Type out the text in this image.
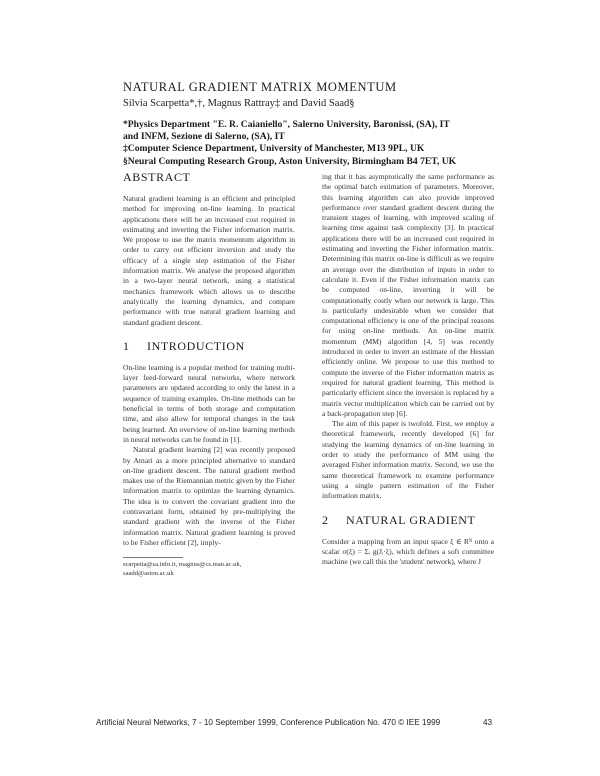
NATURAL GRADIENT MATRIX MOMENTUM
Silvia Scarpetta*,†, Magnus Rattray‡ and David Saad§
*Physics Department "E. R. Caianiello", Salerno University, Baronissi, (SA), IT
and INFM, Sezione di Salerno, (SA), IT
‡Computer Science Department, University of Manchester, M13 9PL, UK
§Neural Computing Research Group, Aston University, Birmingham B4 7ET, UK
ABSTRACT

Natural gradient learning is an efficient and principled method for improving on-line learning. In practical applications there will be an increased cost required in estimating and inverting the Fisher information matrix. We propose to use the matrix momentum algorithm in order to carry out efficient inversion and study the efficacy of a single step estimation of the Fisher information matrix. We analyse the proposed algorithm in a two-layer neural network, using a statistical mechanics framework which allows us to describe analytically the learning dynamics, and compare performance with true natural gradient learning and standard gradient descent.

1 INTRODUCTION

On-line learning is a popular method for training multi-layer feed-forward neural networks, where network parameters are updated according to only the latest in a sequence of training examples. On-line methods can be beneficial in terms of both storage and computation time, and also allow for temporal changes in the task being learned. An overview of on-line learning methods in neural networks can be found in [1].

Natural gradient learning [2] was recently proposed by Amari as a more principled alternative to standard on-line gradient descent. The natural gradient method makes use of the Riemannian metric given by the Fisher information matrix to optimize the learning dynamics. The idea is to convert the covariant gradient into the contravariant form, obtained by pre-multiplying the standard gradient with the inverse of the Fisher information matrix. Natural gradient learning is proved to be Fisher efficient [2], imply-

scarpetta@sa.infn.it, magnus@cs.man.ac.uk,
saadd@aston.ac.uk

ing that it has asymptotically the same performance as the optimal batch estimation of parameters. Moreover, this learning algorithm can also provide improved performance over standard gradient descent during the transient stages of learning, with improved scaling of learning time against task complexity [3]. In practical applications there will be an increased cost required in estimating and inverting the Fisher information matrix. Determining this matrix on-line is difficult as we require an average over the distribution of inputs in order to calculate it. Even if the Fisher information matrix can be computed on-line, inverting it will be computationally costly when our network is large. This is particularly undesirable when we consider that computational efficiency is one of the principal reasons for using on-line methods. An on-line matrix momentum (MM) algorithm [4, 5] was recently introduced in order to invert an estimate of the Hessian efficiently online. We propose to use this method to compute the inverse of the Fisher information matrix as required for natural gradient learning. This method is particularly efficient since the inversion is replaced by a matrix vector multiplication which can be carried out by a back-propagation step [6].

The aim of this paper is twofold. First, we employ a theoretical framework, recently developed [6] for studying the learning dynamics of on-line learning in order to study the performance of MM using the averaged Fisher information matrix. Second, we use the same theoretical framework to examine performance using a single pattern estimation of the Fisher information matrix.

2 NATURAL GRADIENT

Consider a mapping from an input space ξ ∈ Rᴺ onto a scalar σ(ξ) = Σᵢ g(Jᵢ·ξ), which defines a soft committee machine (we call this the 'student' network), where J

Artificial Neural Networks, 7 - 10 September 1999, Conference Publication No. 470 © IEE 1999	43
